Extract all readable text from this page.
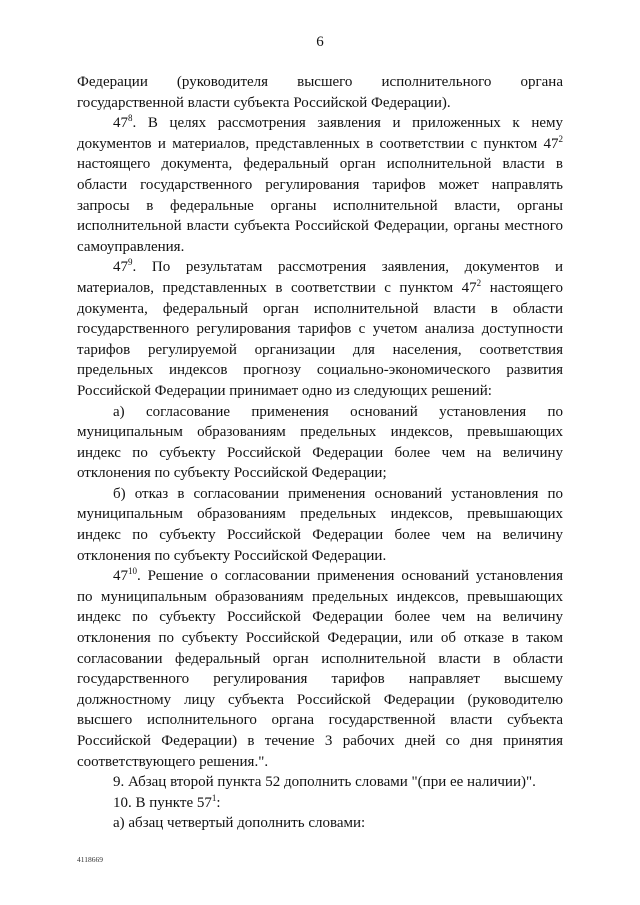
6

Федерации (руководителя высшего исполнительного органа государственной власти субъекта Российской Федерации).

$47^8$. В целях рассмотрения заявления и приложенных к нему документов и материалов, представленных в соответствии с пунктом $47^2$ настоящего документа, федеральный орган исполнительной власти в области государственного регулирования тарифов может направлять запросы в федеральные органы исполнительной власти, органы исполнительной власти субъекта Российской Федерации, органы местного самоуправления.

$47^9$. По результатам рассмотрения заявления, документов и материалов, представленных в соответствии с пунктом $47^2$ настоящего документа, федеральный орган исполнительной власти в области государственного регулирования тарифов с учетом анализа доступности тарифов регулируемой организации для населения, соответствия предельных индексов прогнозу социально-экономического развития Российской Федерации принимает одно из следующих решений:

а) согласование применения оснований установления по муниципальным образованиям предельных индексов, превышающих индекс по субъекту Российской Федерации более чем на величину отклонения по субъекту Российской Федерации;

б) отказ в согласовании применения оснований установления по муниципальным образованиям предельных индексов, превышающих индекс по субъекту Российской Федерации более чем на величину отклонения по субъекту Российской Федерации.

$47^{10}$. Решение о согласовании применения оснований установления по муниципальным образованиям предельных индексов, превышающих индекс по субъекту Российской Федерации более чем на величину отклонения по субъекту Российской Федерации, или об отказе в таком согласовании федеральный орган исполнительной власти в области государственного регулирования тарифов направляет высшему должностному лицу субъекта Российской Федерации (руководителю высшего исполнительного органа государственной власти субъекта Российской Федерации) в течение 3 рабочих дней со дня принятия соответствующего решения.".

9. Абзац второй пункта 52 дополнить словами "(при ее наличии)".

10. В пункте $57^1$:

а) абзац четвертый дополнить словами:

4118669
